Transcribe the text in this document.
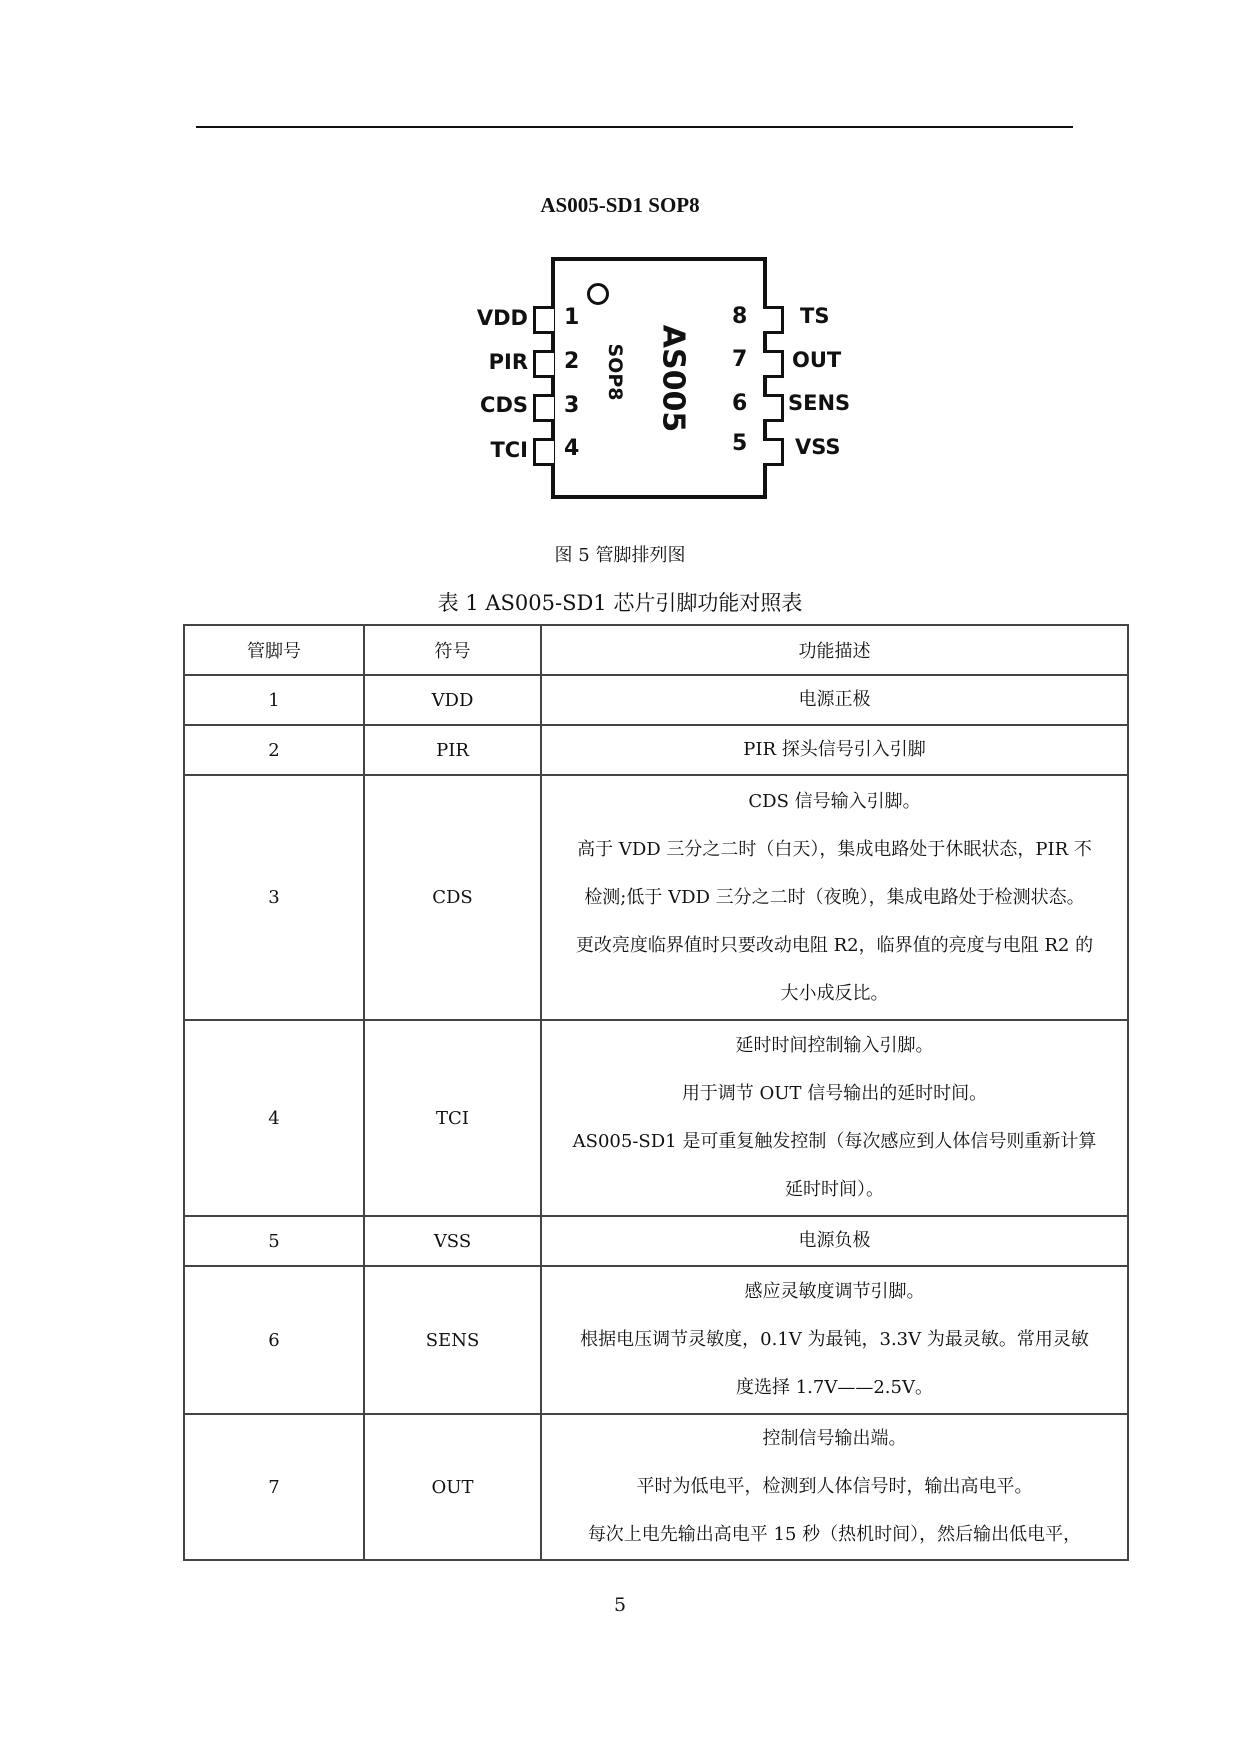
AS005-SD1 SOP8
AS005
SOP8
1
2
3
4
8
7
6
5
VDD
PIR
CDS
TCI
TS
OUT
SENS
VSS
图 5 管脚排列图
表 1 AS005-SD1 芯片引脚功能对照表
管脚号	符号	功能描述
1	VDD	电源正极

2	PIR	PIR 探头信号引入引脚

3	CDS	CDS 信号输入引脚。
高于 VDD 三分之二时（白天），集成电路处于休眠状态，PIR 不
检测;低于 VDD 三分之二时（夜晚），集成电路处于检测状态。
更改亮度临界值时只要改动电阻 R2，临界值的亮度与电阻 R2 的
大小成反比。

4	TCI	延时时间控制输入引脚。
用于调节 OUT 信号输出的延时时间。
AS005-SD1 是可重复触发控制（每次感应到人体信号则重新计算
延时时间）。

5	VSS	电源负极

6	SENS	感应灵敏度调节引脚。
根据电压调节灵敏度，0.1V 为最钝，3.3V 为最灵敏。常用灵敏
度选择 1.7V——2.5V。

7	OUT	控制信号输出端。
平时为低电平，检测到人体信号时，输出高电平。
每次上电先输出高电平 15 秒（热机时间），然后输出低电平，
5
